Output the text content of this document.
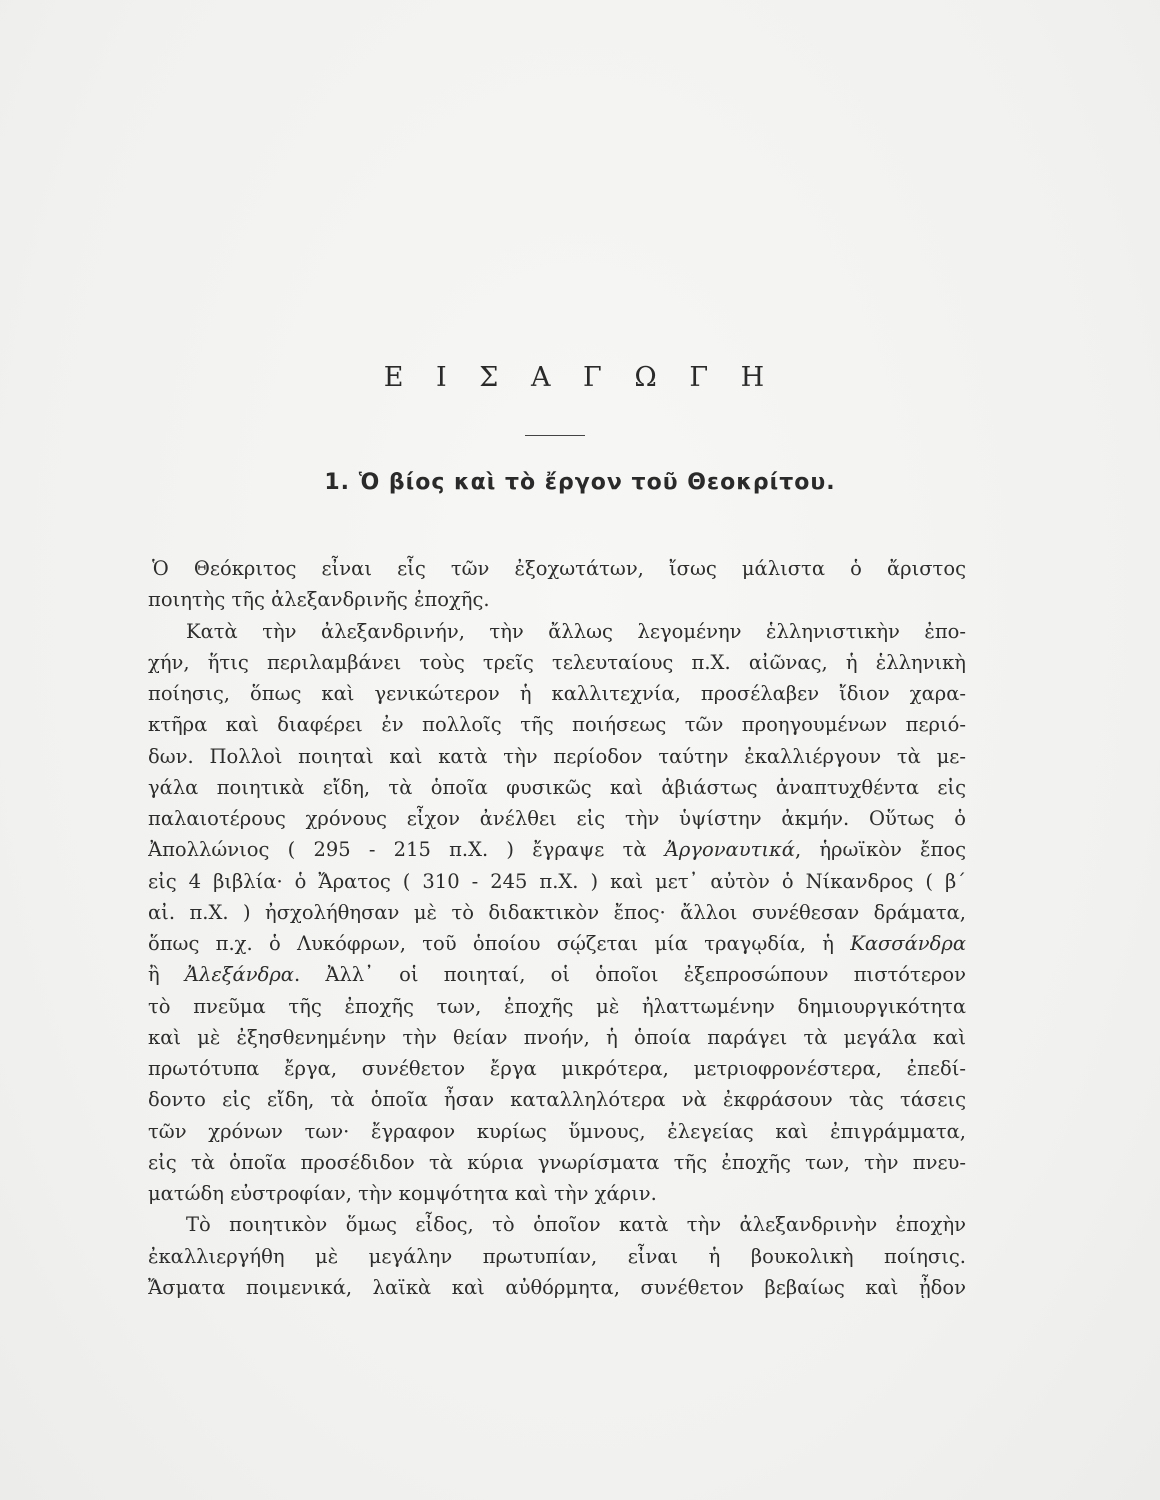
Ε Ι Σ Α Γ Ω Γ Η
1. Ὁ βίος καὶ τὸ ἔργον τοῦ Θεοκρίτου.
Ὁ Θεόκριτος εἶναι εἷς τῶν ἐξοχωτάτων, ἴσως μάλιστα ὁ ἄριστος
ποιητὴς τῆς ἀλεξανδρινῆς ἐποχῆς.
Κατὰ τὴν ἀλεξανδρινήν, τὴν ἄλλως λεγομένην ἑλληνιστικὴν ἐπο-
χήν, ἥτις περιλαμβάνει τοὺς τρεῖς τελευταίους π.Χ. αἰῶνας, ἡ ἑλληνικὴ
ποίησις, ὅπως καὶ γενικώτερον ἡ καλλιτεχνία, προσέλαβεν ἴδιον χαρα-
κτῆρα καὶ διαφέρει ἐν πολλοῖς τῆς ποιήσεως τῶν προηγουμένων περιό-
δων. Πολλοὶ ποιηταὶ καὶ κατὰ τὴν περίοδον ταύτην ἐκαλλιέργουν τὰ με-
γάλα ποιητικὰ εἴδη, τὰ ὁποῖα φυσικῶς καὶ ἀβιάστως ἀναπτυχθέντα εἰς
παλαιοτέρους χρόνους εἶχον ἀνέλθει εἰς τὴν ὑψίστην ἀκμήν. Οὕτως ὁ
Ἀπολλώνιος ( 295 - 215 π.Χ. ) ἔγραψε τὰ Ἀργοναυτικά, ἡρωϊκὸν ἔπος
εἰς 4 βιβλία· ὁ Ἄρατος ( 310 - 245 π.Χ. ) καὶ μετ᾽ αὐτὸν ὁ Νίκανδρος ( β´
αἰ. π.Χ. ) ἠσχολήθησαν μὲ τὸ διδακτικὸν ἔπος· ἄλλοι συνέθεσαν δράματα,
ὅπως π.χ. ὁ Λυκόφρων, τοῦ ὁποίου σῴζεται μία τραγῳδία, ἡ Κασσάνδρα
ἢ Ἀλεξάνδρα. Ἀλλ᾽ οἱ ποιηταί, οἱ ὁποῖοι ἐξεπροσώπουν πιστότερον
τὸ πνεῦμα τῆς ἐποχῆς των, ἐποχῆς μὲ ἠλαττωμένην δημιουργικότητα
καὶ μὲ ἐξησθενημένην τὴν θείαν πνοήν, ἡ ὁποία παράγει τὰ μεγάλα καὶ
πρωτότυπα ἔργα, συνέθετον ἔργα μικρότερα, μετριοφρονέστερα, ἐπεδί-
δοντο εἰς εἴδη, τὰ ὁποῖα ἦσαν καταλληλότερα νὰ ἐκφράσουν τὰς τάσεις
τῶν χρόνων των· ἔγραφον κυρίως ὕμνους, ἐλεγείας καὶ ἐπιγράμματα,
εἰς τὰ ὁποῖα προσέδιδον τὰ κύρια γνωρίσματα τῆς ἐποχῆς των, τὴν πνευ-
ματώδη εὐστροφίαν, τὴν κομψότητα καὶ τὴν χάριν.
Τὸ ποιητικὸν ὅμως εἶδος, τὸ ὁποῖον κατὰ τὴν ἀλεξανδρινὴν ἐποχὴν
ἐκαλλιεργήθη μὲ μεγάλην πρωτυπίαν, εἶναι ἡ βουκολικὴ ποίησις.
Ἄσματα ποιμενικά, λαϊκὰ καὶ αὐθόρμητα, συνέθετον βεβαίως καὶ ᾖδον
